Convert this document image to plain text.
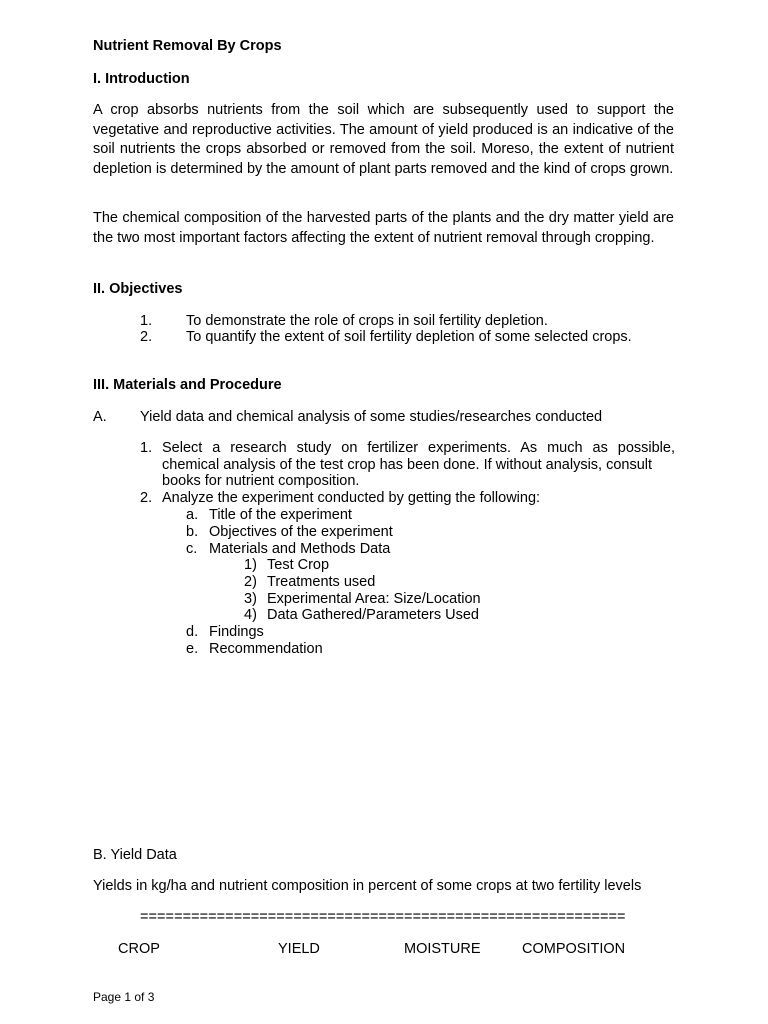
Nutrient Removal By Crops
I. Introduction
A crop absorbs nutrients from the soil which are subsequently used to support the vegetative and reproductive activities. The amount of yield produced is an indicative of the soil nutrients the crops absorbed or removed from the soil. Moreso, the extent of nutrient depletion is determined by the amount of plant parts removed and the kind of crops grown.
The chemical composition of the harvested parts of the plants and the dry matter yield are the two most important factors affecting the extent of nutrient removal through cropping.
II. Objectives
1. To demonstrate the role of crops in soil fertility depletion.
2. To quantify the extent of soil fertility depletion of some selected crops.
III. Materials and Procedure
A. Yield data and chemical analysis of some studies/researches conducted
1. Select a research study on fertilizer experiments. As much as possible,
chemical analysis of the test crop has been done. If without analysis, consult
books for nutrient composition.
2. Analyze the experiment conducted by getting the following:
a. Title of the experiment
b. Objectives of the experiment
c. Materials and Methods Data
1) Test Crop
2) Treatments used
3) Experimental Area: Size/Location
4) Data Gathered/Parameters Used
d. Findings
e. Recommendation
B. Yield Data
Yields in kg/ha and nutrient composition in percent of some crops at two fertility levels
=========================================================
CROP	YIELD	MOISTURE	COMPOSITION
Page 1 of 3
